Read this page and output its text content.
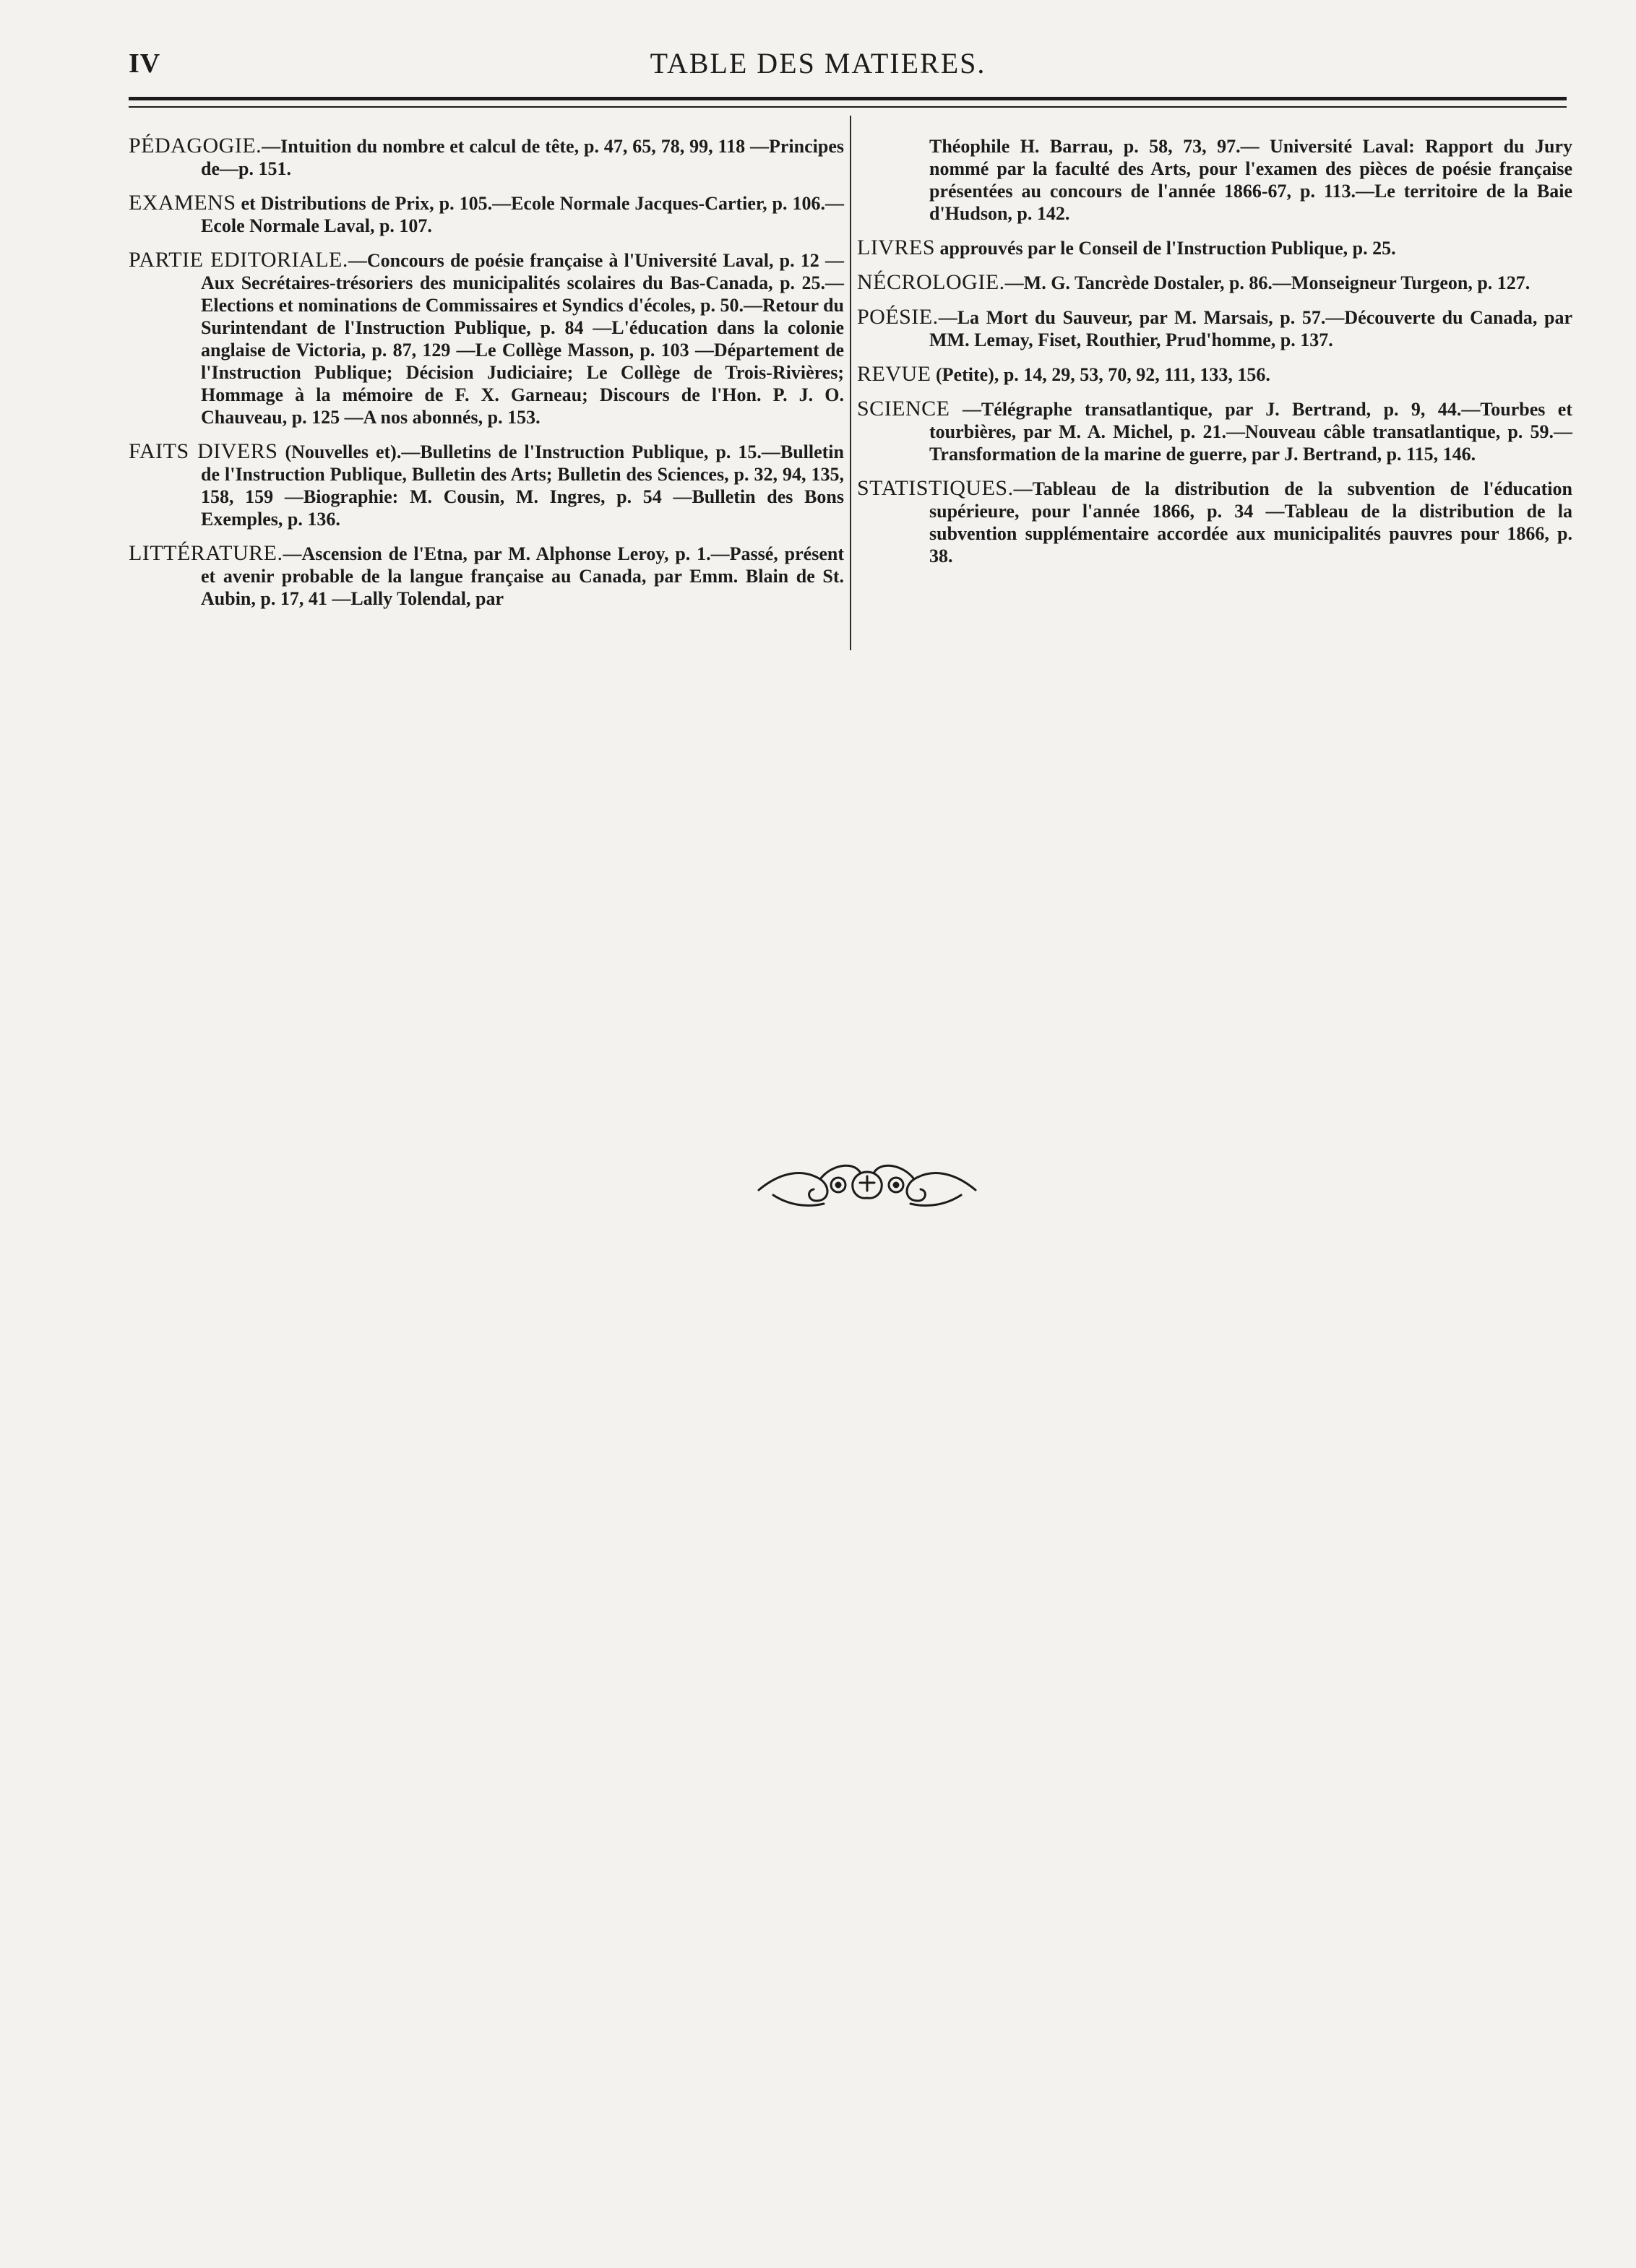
IV	TABLE DES MATIERES.

PÉDAGOGIE.—Intuition du nombre et calcul de tête, p. 47, 65, 78, 99, 118 —Principes de—p. 151.

EXAMENS et Distributions de Prix, p. 105.—Ecole Normale Jacques-Cartier, p. 106.—Ecole Normale Laval, p. 107.

PARTIE EDITORIALE.—Concours de poésie française à l'Université Laval, p. 12 —Aux Secrétaires-trésoriers des municipalités scolaires du Bas-Canada, p. 25.—Elections et nominations de Commissaires et Syndics d'écoles, p. 50.—Retour du Surintendant de l'Instruction Publique, p. 84 —L'éducation dans la colonie anglaise de Victoria, p. 87, 129 —Le Collège Masson, p. 103 —Département de l'Instruction Publique; Décision Judiciaire; Le Collège de Trois-Rivières; Hommage à la mémoire de F. X. Garneau; Discours de l'Hon. P. J. O. Chauveau, p. 125 —A nos abonnés, p. 153.

FAITS DIVERS (Nouvelles et).—Bulletins de l'Instruction Publique, p. 15.—Bulletin de l'Instruction Publique, Bulletin des Arts; Bulletin des Sciences, p. 32, 94, 135, 158, 159 —Biographie: M. Cousin, M. Ingres, p. 54 —Bulletin des Bons Exemples, p. 136.

LITTÉRATURE.—Ascension de l'Etna, par M. Alphonse Leroy, p. 1.—Passé, présent et avenir probable de la langue française au Canada, par Emm. Blain de St. Aubin, p. 17, 41 —Lally Tolendal, par

Théophile H. Barrau, p. 58, 73, 97.— Université Laval: Rapport du Jury nommé par la faculté des Arts, pour l'examen des pièces de poésie française présentées au concours de l'année 1866-67, p. 113.—Le territoire de la Baie d'Hudson, p. 142.

LIVRES approuvés par le Conseil de l'Instruction Publique, p. 25.

NÉCROLOGIE.—M. G. Tancrède Dostaler, p. 86.—Monseigneur Turgeon, p. 127.

POÉSIE.—La Mort du Sauveur, par M. Marsais, p. 57.—Découverte du Canada, par MM. Lemay, Fiset, Routhier, Prud'homme, p. 137.

REVUE (Petite), p. 14, 29, 53, 70, 92, 111, 133, 156.

SCIENCE —Télégraphe transatlantique, par J. Bertrand, p. 9, 44.—Tourbes et tourbières, par M. A. Michel, p. 21.—Nouveau câble transatlantique, p. 59.—Transformation de la marine de guerre, par J. Bertrand, p. 115, 146.

STATISTIQUES.—Tableau de la distribution de la subvention de l'éducation supérieure, pour l'année 1866, p. 34 —Tableau de la distribution de la subvention supplémentaire accordée aux municipalités pauvres pour 1866, p. 38.
